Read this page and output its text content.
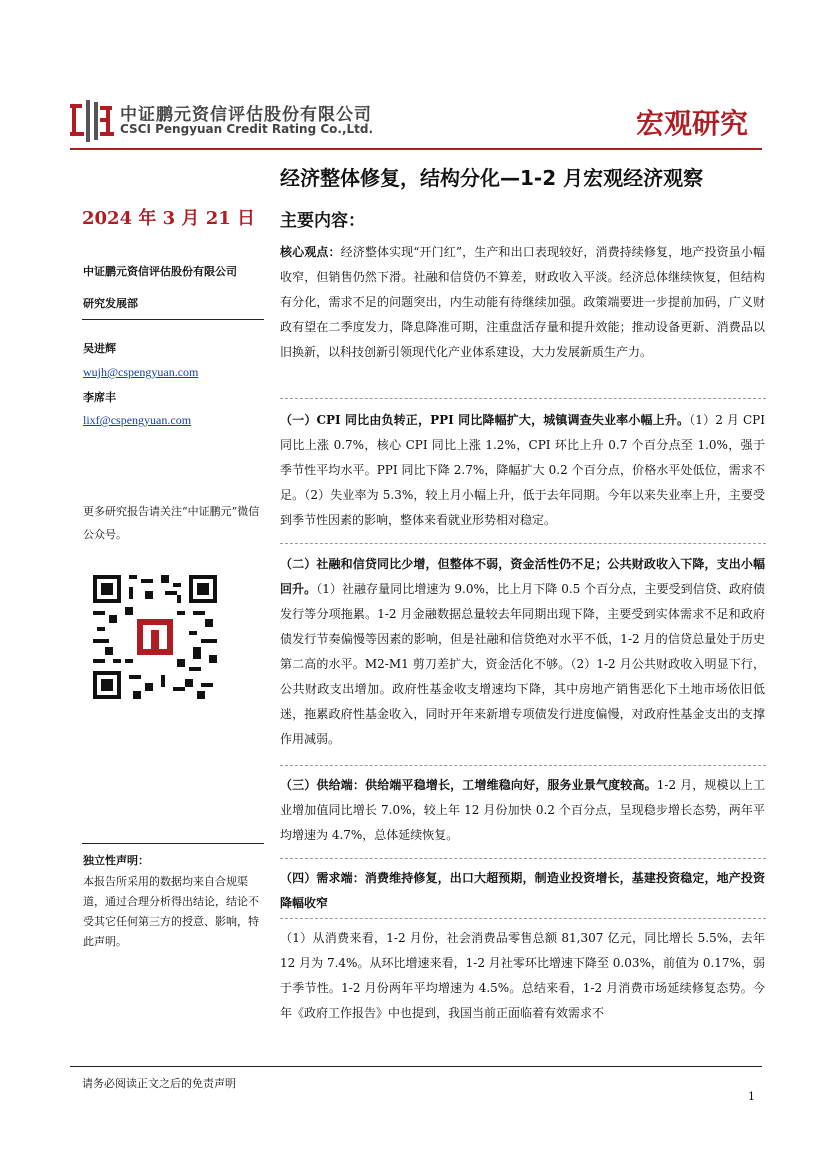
中证鹏元资信评估股份有限公司
CSCI Pengyuan Credit Rating Co.,Ltd.	宏观研究
经济整体修复，结构分化—1-2 月宏观经济观察
2024 年 3 月 21 日
中证鹏元资信评估股份有限公司
研究发展部
吴进辉
wujh@cspengyuan.com
李席丰
lixf@cspengyuan.com
更多研究报告请关注“中证鹏元”微信公众号。
独立性声明：
本报告所采用的数据均来自合规渠道，通过合理分析得出结论，结论不受其它任何第三方的授意、影响，特此声明。
主要内容：
核心观点：经济整体实现“开门红”，生产和出口表现较好，消费持续修复，地产投资虽小幅收窄，但销售仍然下滑。社融和信贷仍不算差，财政收入平淡。经济总体继续恢复，但结构有分化，需求不足的问题突出，内生动能有待继续加强。政策端要进一步提前加码，广义财政有望在二季度发力，降息降准可期，注重盘活存量和提升效能；推动设备更新、消费品以旧换新，以科技创新引领现代化产业体系建设，大力发展新质生产力。
（一）CPI 同比由负转正，PPI 同比降幅扩大，城镇调查失业率小幅上升。（1）2 月 CPI 同比上涨 0.7%，核心 CPI 同比上涨 1.2%，CPI 环比上升 0.7 个百分点至 1.0%，强于季节性平均水平。PPI 同比下降 2.7%，降幅扩大 0.2 个百分点，价格水平处低位，需求不足。（2）失业率为 5.3%，较上月小幅上升，低于去年同期。今年以来失业率上升，主要受到季节性因素的影响，整体来看就业形势相对稳定。
（二）社融和信贷同比少增，但整体不弱，资金活性仍不足；公共财政收入下降，支出小幅回升。（1）社融存量同比增速为 9.0%，比上月下降 0.5 个百分点，主要受到信贷、政府债发行等分项拖累。1-2 月金融数据总量较去年同期出现下降，主要受到实体需求不足和政府债发行节奏偏慢等因素的影响，但是社融和信贷绝对水平不低，1-2 月的信贷总量处于历史第二高的水平。M2-M1 剪刀差扩大，资金活化不够。（2）1-2 月公共财政收入明显下行，公共财政支出增加。政府性基金收支增速均下降，其中房地产销售恶化下土地市场依旧低迷，拖累政府性基金收入，同时开年来新增专项债发行进度偏慢，对政府性基金支出的支撑作用减弱。
（三）供给端：供给端平稳增长，工增维稳向好，服务业景气度较高。1-2 月，规模以上工业增加值同比增长 7.0%，较上年 12 月份加快 0.2 个百分点，呈现稳步增长态势，两年平均增速为 4.7%，总体延续恢复。
（四）需求端：消费维持修复，出口大超预期，制造业投资增长，基建投资稳定，地产投资降幅收窄
（1）从消费来看，1-2 月份，社会消费品零售总额 81,307 亿元，同比增长 5.5%，去年 12 月为 7.4%。从环比增速来看，1-2 月社零环比增速下降至 0.03%，前值为 0.17%，弱于季节性。1-2 月份两年平均增速为 4.5%。总结来看，1-2 月消费市场延续修复态势。今年《政府工作报告》中也提到，我国当前正面临着有效需求不
请务必阅读正文之后的免责声明
1
